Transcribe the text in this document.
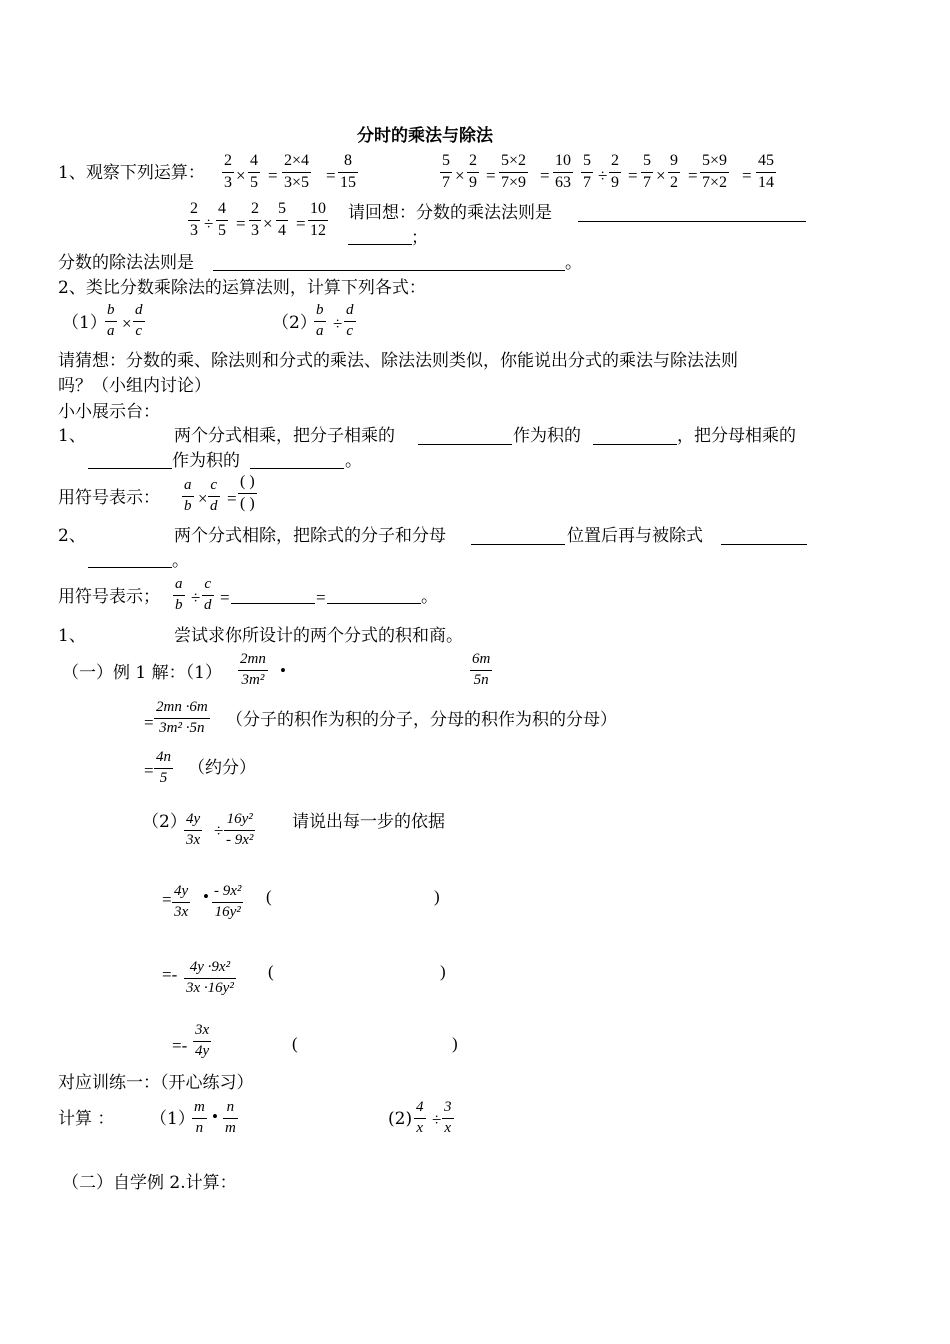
分时的乘法与除法
1、观察下列运算：
2
3 ×
4
5 =
2×4
3×5 =
8
15
5
7 ×
2
9 =
5×2
7×9 =
10
63
5
7 ÷
2
9 =
5
7 ×
9
2 =
5×9
7×2 =
45
14
2
3 ÷
4
5 =
2
3 ×
5
4 =
10
12
请回想：分数的乘法法则是
；
分数的除法法则是	。
2、类比分数乘除法的运算法则，计算下列各式：
（1）
b
a ×
d
c	（2）
b
a ÷
d
c
请猜想：分数的乘、除法则和分式的乘法、除法法则类似，你能说出分式的乘法与除法法则
吗？（小组内讨论）
小小展示台：
1、	两个分式相乘，把分子相乘的	作为积的	，把分母相乘的
作为积的	。
用符号表示：
a
b ×
c
d =
( )
( )
2、	两个分式相除，把除式的分子和分母	位置后再与被除式
。
用符号表示；
a
b ÷
c
d =	=	。
1、	尝试求你所设计的两个分式的积和商。
（一）例 1 解：（1）
2mn
3m² •
6m
5n
=
2mn ·6m
3m² ·5n （分子的积作为积的分子，分母的积作为积的分母）
=
4n
5 （约分）
（2） 4y
3x ÷
16y²
- 9x²
请说出每一步的依据
= 4y
3x
• - 9x²
16y²
(	)
=- 4y ·9x²
3x ·16y²
(	)
=-
3x
4y	(	)
对应训练一：（开心练习）
计算 ： （1）
m
n
• n
m	(2)
4
x ÷
3
x
（二）自学例 2.计算：
